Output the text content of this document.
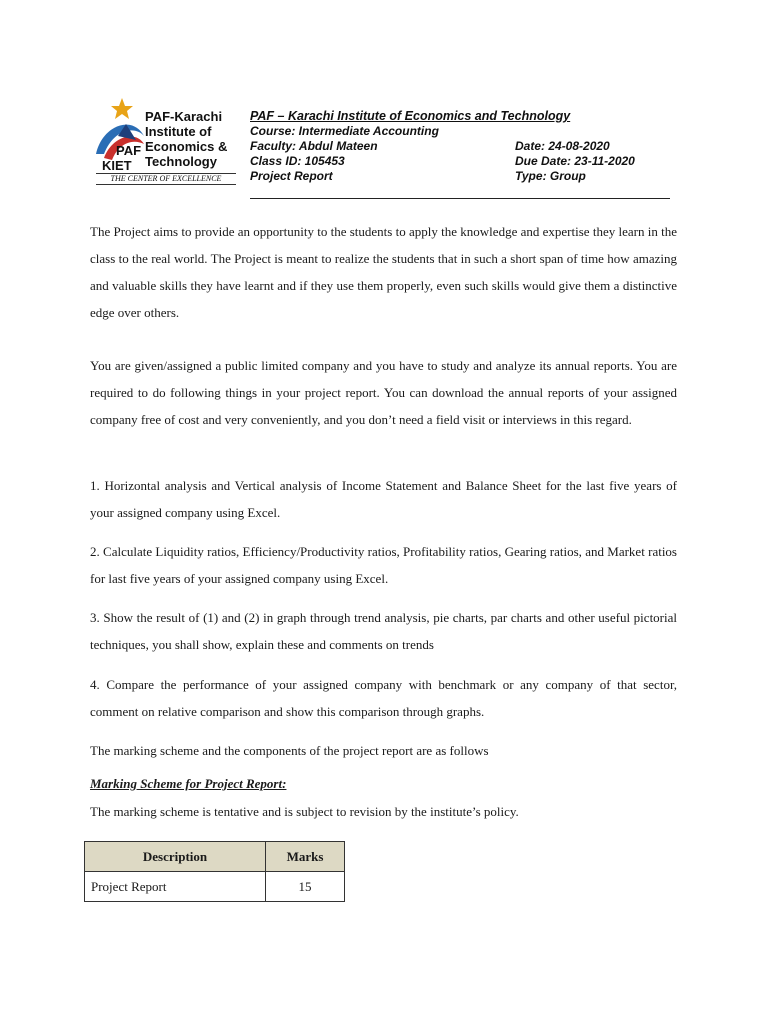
PAF-Karachi
Institute of
Economics &
Technology
PAF
KIET
THE CENTER OF EXCELLENCE
PAF – Karachi Institute of Economics and Technology
Course: Intermediate Accounting
Faculty: Abdul Mateen	Date: 24-08-2020
Class ID: 105453	Due Date: 23-11-2020
Project Report	Type: Group

The Project aims to provide an opportunity to the students to apply the knowledge and expertise they learn in the class to the real world. The Project is meant to realize the students that in such a short span of time how amazing and valuable skills they have learnt and if they use them properly, even such skills would give them a distinctive edge over others.

You are given/assigned a public limited company and you have to study and analyze its annual reports. You are required to do following things in your project report. You can download the annual reports of your assigned company free of cost and very conveniently, and you don’t need a field visit or interviews in this regard.

1. Horizontal analysis and Vertical analysis of Income Statement and Balance Sheet for the last five years of your assigned company using Excel.

2. Calculate Liquidity ratios, Efficiency/Productivity ratios, Profitability ratios, Gearing ratios, and Market ratios for last five years of your assigned company using Excel.

3. Show the result of (1) and (2) in graph through trend analysis, pie charts, par charts and other useful pictorial techniques, you shall show, explain these and comments on trends

4. Compare the performance of your assigned company with benchmark or any company of that sector, comment on relative comparison and show this comparison through graphs.

The marking scheme and the components of the project report are as follows

Marking Scheme for Project Report:

The marking scheme is tentative and is subject to revision by the institute’s policy.

Description	Marks
Project Report	15
